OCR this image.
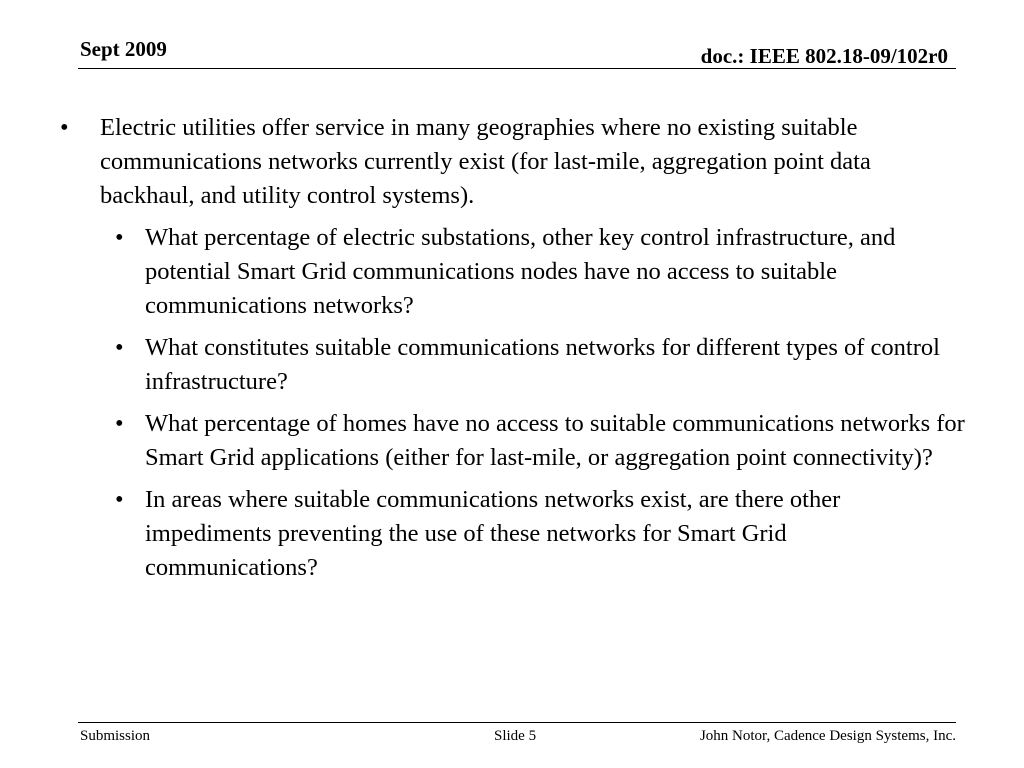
Sept 2009	doc.: IEEE 802.18-09/102r0
• Electric utilities offer service in many geographies where no existing suitable communications networks currently exist (for last-mile, aggregation point data backhaul, and utility control systems).
• What percentage of electric substations, other key control infrastructure, and potential Smart Grid communications nodes have no access to suitable communications networks?
• What constitutes suitable communications networks for different types of control infrastructure?
• What percentage of homes have no access to suitable communications networks for Smart Grid applications (either for last-mile, or aggregation point connectivity)?
• In areas where suitable communications networks exist, are there other impediments preventing the use of these networks for Smart Grid communications?
Submission	Slide 5	John Notor, Cadence Design Systems, Inc.
